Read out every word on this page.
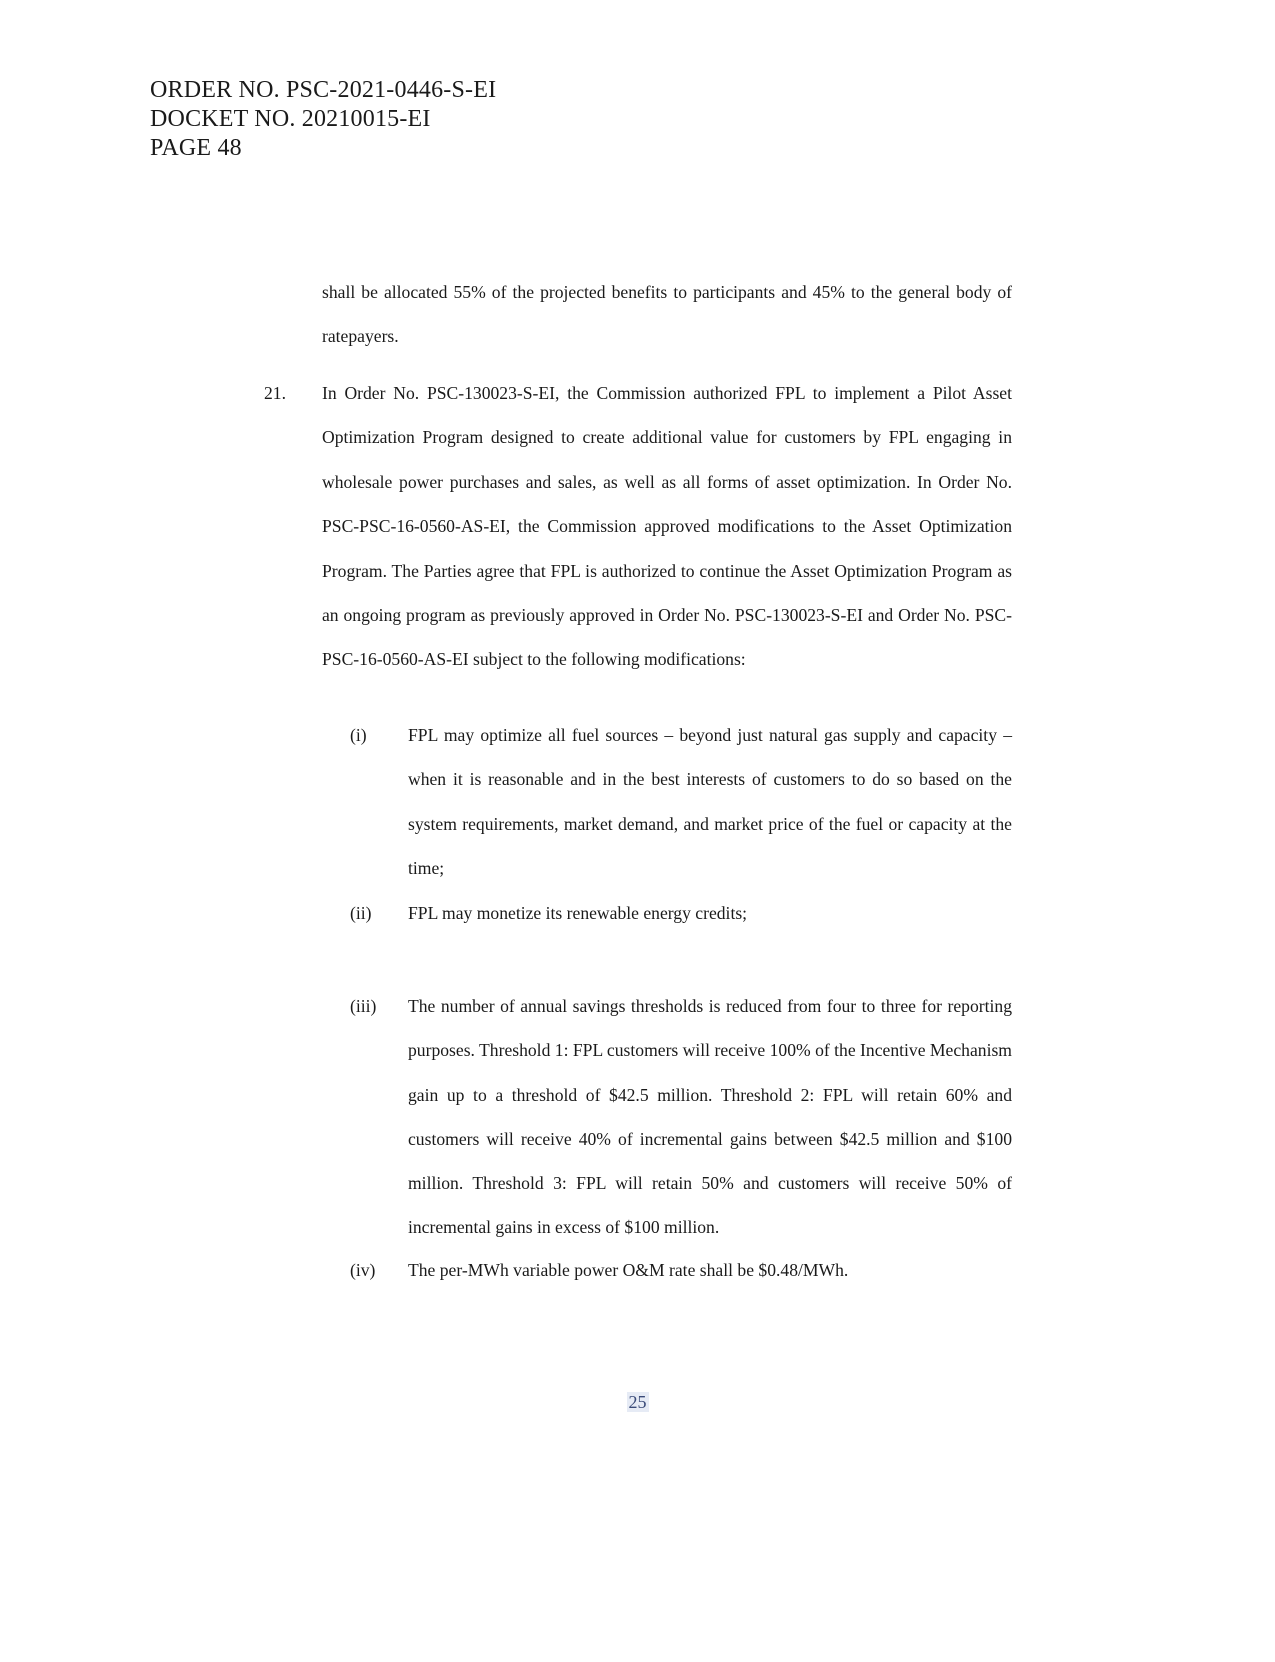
ORDER NO. PSC-2021-0446-S-EI
DOCKET NO. 20210015-EI
PAGE 48
shall be allocated 55% of the projected benefits to participants and 45% to the general body of ratepayers.
21. In Order No. PSC-130023-S-EI, the Commission authorized FPL to implement a Pilot Asset Optimization Program designed to create additional value for customers by FPL engaging in wholesale power purchases and sales, as well as all forms of asset optimization. In Order No. PSC-PSC-16-0560-AS-EI, the Commission approved modifications to the Asset Optimization Program. The Parties agree that FPL is authorized to continue the Asset Optimization Program as an ongoing program as previously approved in Order No. PSC-130023-S-EI and Order No. PSC-PSC-16-0560-AS-EI subject to the following modifications:
(i) FPL may optimize all fuel sources – beyond just natural gas supply and capacity – when it is reasonable and in the best interests of customers to do so based on the system requirements, market demand, and market price of the fuel or capacity at the time;
(ii) FPL may monetize its renewable energy credits;
(iii) The number of annual savings thresholds is reduced from four to three for reporting purposes. Threshold 1: FPL customers will receive 100% of the Incentive Mechanism gain up to a threshold of $42.5 million. Threshold 2: FPL will retain 60% and customers will receive 40% of incremental gains between $42.5 million and $100 million. Threshold 3: FPL will retain 50% and customers will receive 50% of incremental gains in excess of $100 million.
(iv) The per-MWh variable power O&M rate shall be $0.48/MWh.
25
